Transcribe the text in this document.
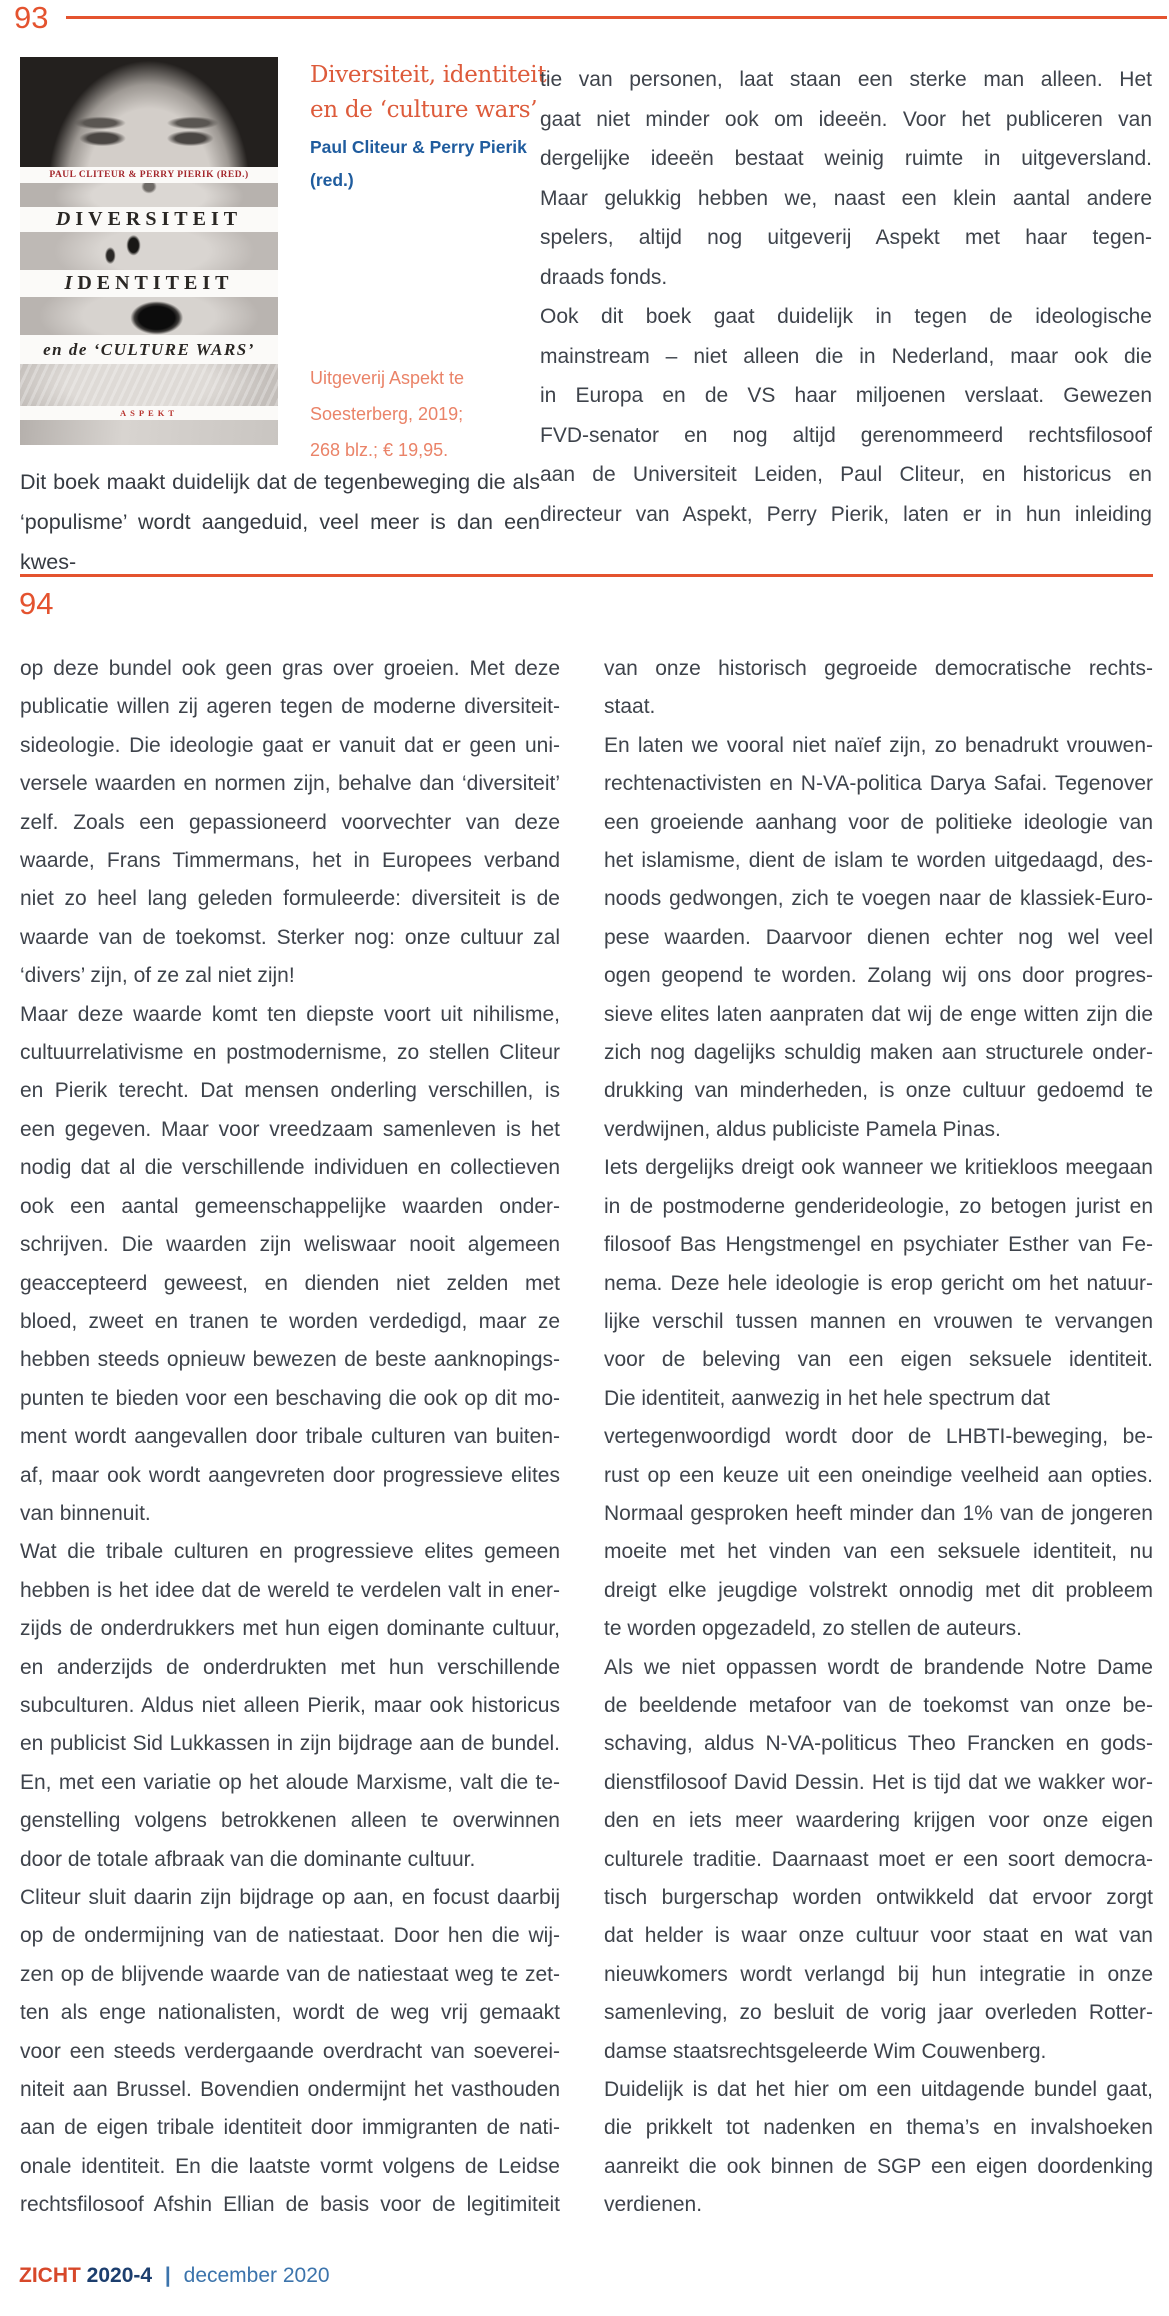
93
PAUL CLITEUR & PERRY PIERIK (RED.)
DIVERSITEIT
IDENTITEIT
en de ‘CULTURE WARS’
ASPEKT
Diversiteit, identiteit
en de ‘culture wars’
Paul Cliteur & Perry Pierik
(red.)
Uitgeverij Aspekt te
Soesterberg, 2019;
268 blz.; € 19,95.
tie van personen, laat staan een sterke man alleen. Het
gaat niet minder ook om ideeën. Voor het publiceren van
dergelijke ideeën bestaat weinig ruimte in uitgeversland.
Maar gelukkig hebben we, naast een klein aantal andere
spelers, altijd nog uitgeverij Aspekt met haar tegen-
draads fonds.
Ook dit boek gaat duidelijk in tegen de ideologische
mainstream – niet alleen die in Nederland, maar ook die
in Europa en de VS haar miljoenen verslaat. Gewezen
FVD-senator en nog altijd gerenommeerd rechtsfilosoof
aan de Universiteit Leiden, Paul Cliteur, en historicus en
directeur van Aspekt, Perry Pierik, laten er in hun inleiding
Dit boek maakt duidelijk dat de tegenbeweging die als
‘populisme’ wordt aangeduid, veel meer is dan een kwes-
94
op deze bundel ook geen gras over groeien. Met deze
publicatie willen zij ageren tegen de moderne diversiteit-
sideologie. Die ideologie gaat er vanuit dat er geen uni-
versele waarden en normen zijn, behalve dan ‘diversiteit’
zelf. Zoals een gepassioneerd voorvechter van deze
waarde, Frans Timmermans, het in Europees verband
niet zo heel lang geleden formuleerde: diversiteit is de
waarde van de toekomst. Sterker nog: onze cultuur zal
‘divers’ zijn, of ze zal niet zijn!
Maar deze waarde komt ten diepste voort uit nihilisme,
cultuurrelativisme en postmodernisme, zo stellen Cliteur
en Pierik terecht. Dat mensen onderling verschillen, is
een gegeven. Maar voor vreedzaam samenleven is het
nodig dat al die verschillende individuen en collectieven
ook een aantal gemeenschappelijke waarden onder-
schrijven. Die waarden zijn weliswaar nooit algemeen
geaccepteerd geweest, en dienden niet zelden met
bloed, zweet en tranen te worden verdedigd, maar ze
hebben steeds opnieuw bewezen de beste aanknopings-
punten te bieden voor een beschaving die ook op dit mo-
ment wordt aangevallen door tribale culturen van buiten-
af, maar ook wordt aangevreten door progressieve elites
van binnenuit.
Wat die tribale culturen en progressieve elites gemeen
hebben is het idee dat de wereld te verdelen valt in ener-
zijds de onderdrukkers met hun eigen dominante cultuur,
en anderzijds de onderdrukten met hun verschillende
subculturen. Aldus niet alleen Pierik, maar ook historicus
en publicist Sid Lukkassen in zijn bijdrage aan de bundel.
En, met een variatie op het aloude Marxisme, valt die te-
genstelling volgens betrokkenen alleen te overwinnen
door de totale afbraak van die dominante cultuur.
Cliteur sluit daarin zijn bijdrage op aan, en focust daarbij
op de ondermijning van de natiestaat. Door hen die wij-
zen op de blijvende waarde van de natiestaat weg te zet-
ten als enge nationalisten, wordt de weg vrij gemaakt
voor een steeds verdergaande overdracht van soeverei-
niteit aan Brussel. Bovendien ondermijnt het vasthouden
aan de eigen tribale identiteit door immigranten de nati-
onale identiteit. En die laatste vormt volgens de Leidse
rechtsfilosoof Afshin Ellian de basis voor de legitimiteit
van onze historisch gegroeide democratische rechts-
staat.
En laten we vooral niet naïef zijn, zo benadrukt vrouwen-
rechtenactivisten en N-VA-politica Darya Safai. Tegenover
een groeiende aanhang voor de politieke ideologie van
het islamisme, dient de islam te worden uitgedaagd, des-
noods gedwongen, zich te voegen naar de klassiek-Euro-
pese waarden. Daarvoor dienen echter nog wel veel
ogen geopend te worden. Zolang wij ons door progres-
sieve elites laten aanpraten dat wij de enge witten zijn die
zich nog dagelijks schuldig maken aan structurele onder-
drukking van minderheden, is onze cultuur gedoemd te
verdwijnen, aldus publiciste Pamela Pinas.
Iets dergelijks dreigt ook wanneer we kritiekloos meegaan
in de postmoderne genderideologie, zo betogen jurist en
filosoof Bas Hengstmengel en psychiater Esther van Fe-
nema. Deze hele ideologie is erop gericht om het natuur-
lijke verschil tussen mannen en vrouwen te vervangen
voor de beleving van een eigen seksuele identiteit.
Die identiteit, aanwezig in het hele spectrum dat
vertegenwoordigd wordt door de LHBTI-beweging, be-
rust op een keuze uit een oneindige veelheid aan opties.
Normaal gesproken heeft minder dan 1% van de jongeren
moeite met het vinden van een seksuele identiteit, nu
dreigt elke jeugdige volstrekt onnodig met dit probleem
te worden opgezadeld, zo stellen de auteurs.
Als we niet oppassen wordt de brandende Notre Dame
de beeldende metafoor van de toekomst van onze be-
schaving, aldus N-VA-politicus Theo Francken en gods-
dienstfilosoof David Dessin. Het is tijd dat we wakker wor-
den en iets meer waardering krijgen voor onze eigen
culturele traditie. Daarnaast moet er een soort democra-
tisch burgerschap worden ontwikkeld dat ervoor zorgt
dat helder is waar onze cultuur voor staat en wat van
nieuwkomers wordt verlangd bij hun integratie in onze
samenleving, zo besluit de vorig jaar overleden Rotter-
damse staatsrechtsgeleerde Wim Couwenberg.
Duidelijk is dat het hier om een uitdagende bundel gaat,
die prikkelt tot nadenken en thema’s en invalshoeken
aanreikt die ook binnen de SGP een eigen doordenking
verdienen.
ZICHT 2020-4 | december 2020
